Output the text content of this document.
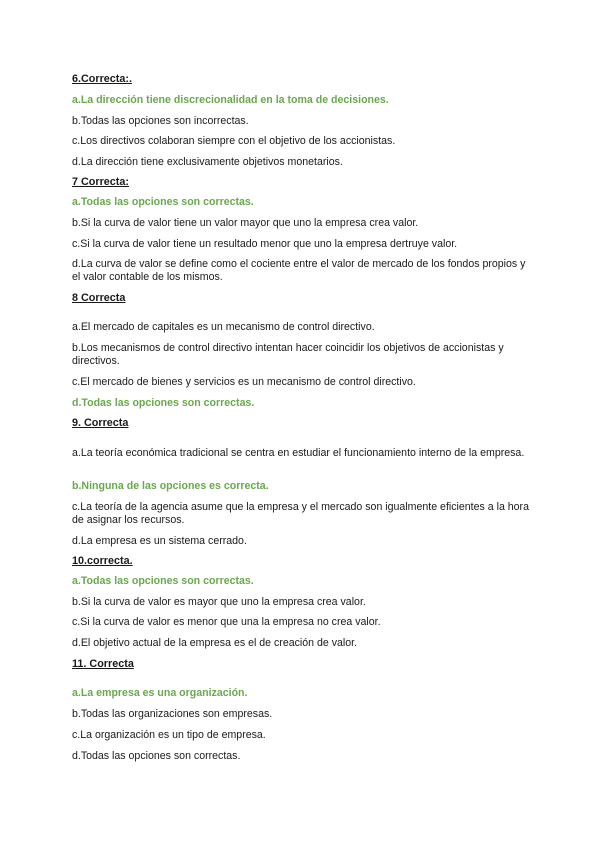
6.Correcta:.
a.La dirección tiene discrecionalidad en la toma de decisiones.
b.Todas las opciones son incorrectas.
c.Los directivos colaboran siempre con el objetivo de los accionistas.
d.La dirección tiene exclusivamente objetivos monetarios.
7 Correcta:
a.Todas las opciones son correctas.
b.Si la curva de valor tiene un valor mayor que uno la empresa crea valor.
c.Si la curva de valor tiene un resultado menor que uno la empresa dertruye valor.
d.La curva de valor se define como el cociente entre el valor de mercado de los fondos propios y el valor contable de los mismos.
8 Correcta
a.El mercado de capitales es un mecanismo de control directivo.
b.Los mecanismos de control directivo intentan hacer coincidir los objetivos de accionistas y directivos.
c.El mercado de bienes y servicios es un mecanismo de control directivo.
d.Todas las opciones son correctas.
9. Correcta
a.La teoría económica tradicional se centra en estudiar el funcionamiento interno de la empresa.
b.Ninguna de las opciones es correcta.
c.La teoría de la agencia asume que la empresa y el mercado son igualmente eficientes a la hora de asignar los recursos.
d.La empresa es un sistema cerrado.
10.correcta.
a.Todas las opciones son correctas.
b.Si la curva de valor es mayor que uno la empresa crea valor.
c.Si la curva de valor es menor que una la empresa no crea valor.
d.El objetivo actual de la empresa es el de creación de valor.
11. Correcta
a.La empresa es una organización.
b.Todas las organizaciones son empresas.
c.La organización es un tipo de empresa.
d.Todas las opciones son correctas.
